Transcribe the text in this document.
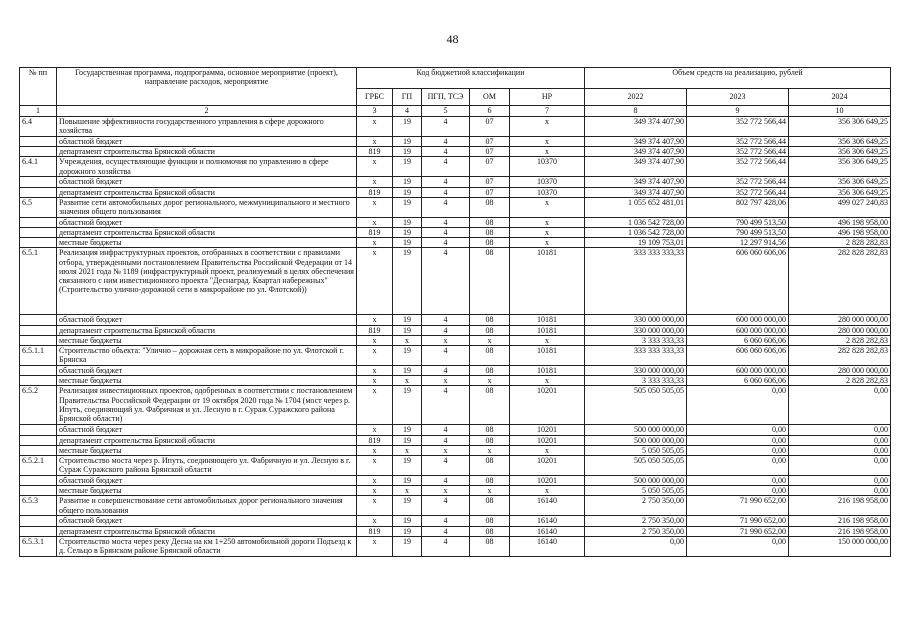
48
№ пп	Государственная программа, подпрограмма, основное мероприятие (проект), направление расходов, мероприятие	Код бюджетной классификации					Объем средств на реализацию, рублей		
		ГРБС	ГП	ПГП, ТСЭ	ОМ	НР	2022	2023	2024
1	2	3	4	5	6	7	8	9	10
6.4	Повышение эффективности государственного управления в сфере дорожного хозяйства	х	19	4	07	х	349 374 407,90	352 772 566,44	356 306 649,25
	областной бюджет	х	19	4	07	х	349 374 407,90	352 772 566,44	356 306 649,25
	департамент строительства Брянской области	819	19	4	07	х	349 374 407,90	352 772 566,44	356 306 649,25
6.4.1	Учреждения, осуществляющие функции и полномочия по управлению в сфере дорожного хозяйства	х	19	4	07	10370	349 374 407,90	352 772 566,44	356 306 649,25
	областной бюджет	х	19	4	07	10370	349 374 407,90	352 772 566,44	356 306 649,25
	департамент строительства Брянской области	819	19	4	07	10370	349 374 407,90	352 772 566,44	356 306 649,25
6.5	Развитие сети автомобильных дорог регионального, межмуниципального и местного значения общего пользования	х	19	4	08	х	1 055 652 481,01	802 797 428,06	499 027 240,83
	областной бюджет	х	19	4	08	х	1 036 542 728,00	790 499 513,50	496 198 958,00
	департамент строительства Брянской области	819	19	4	08	х	1 036 542 728,00	790 499 513,50	496 198 958,00
	местные бюджеты	х	19	4	08	х	19 109 753,01	12 297 914,56	2 828 282,83
6.5.1	Реализация инфраструктурных проектов, отобранных в соответствии с правилами отбора, утвержденными постановлением Правительства Российской Федерации от 14 июля 2021 года № 1189 (инфраструктурный проект, реализуемый в целях обеспечения связанного с ним инвестиционного проекта "Деснаград. Квартал набережных" (Строительство улично-дорожной сети в микрорайоне по ул. Флотской))	х	19	4	08	10181	333 333 333,33	606 060 606,06	282 828 282,83
	областной бюджет	х	19	4	08	10181	330 000 000,00	600 000 000,00	280 000 000,00
	департамент строительства Брянской области	819	19	4	08	10181	330 000 000,00	600 000 000,00	280 000 000,00
	местные бюджеты	х	х	х	х	х	3 333 333,33	6 060 606,06	2 828 282,83
6.5.1.1	Строительство объекта: "Улично – дорожная сеть в микрорайоне по ул. Флотской г. Брянска	х	19	4	08	10181	333 333 333,33	606 060 606,06	282 828 282,83
	областной бюджет	х	19	4	08	10181	330 000 000,00	600 000 000,00	280 000 000,00
	местные бюджеты	х	х	х	х	х	3 333 333,33	6 060 606,06	2 828 282,83
6.5.2	Реализация инвестиционных проектов, одобренных в соответствии с постановлением Правительства Российской Федерации от 19 октября 2020 года № 1704 (мост через р. Ипуть, соединяющий ул. Фабричная и ул. Лесную в г. Сураж Суражского района Брянской области)	х	19	4	08	10201	505 050 505,05	0,00	0,00
	областной бюджет	х	19	4	08	10201	500 000 000,00	0,00	0,00
	департамент строительства Брянской области	819	19	4	08	10201	500 000 000,00	0,00	0,00
	местные бюджеты	х	х	х	х	х	5 050 505,05	0,00	0,00
6.5.2.1	Строительство моста через р. Ипуть, соединяющего ул. Фабричную и ул. Лесную в г. Сураж Суражского района Брянской области	х	19	4	08	10201	505 050 505,05	0,00	0,00
	областной бюджет	х	19	4	08	10201	500 000 000,00	0,00	0,00
	местные бюджеты	х	х	х	х	х	5 050 505,05	0,00	0,00
6.5.3	Развитие и совершенствование сети автомобильных дорог регионального значения общего пользования	х	19	4	08	16140	2 750 350,00	71 990 652,00	216 198 958,00
	областной бюджет	х	19	4	08	16140	2 750 350,00	71 990 652,00	216 198 958,00
	департамент строительства Брянской области	819	19	4	08	16140	2 750 350,00	71 990 652,00	216 198 958,00
6.5.3.1	Строительство моста через реку Десна на км 1+250 автомобильной дороги Подъезд к д. Сельцо в Брянском районе Брянской области	х	19	4	08	16140	0,00	0,00	150 000 000,00
